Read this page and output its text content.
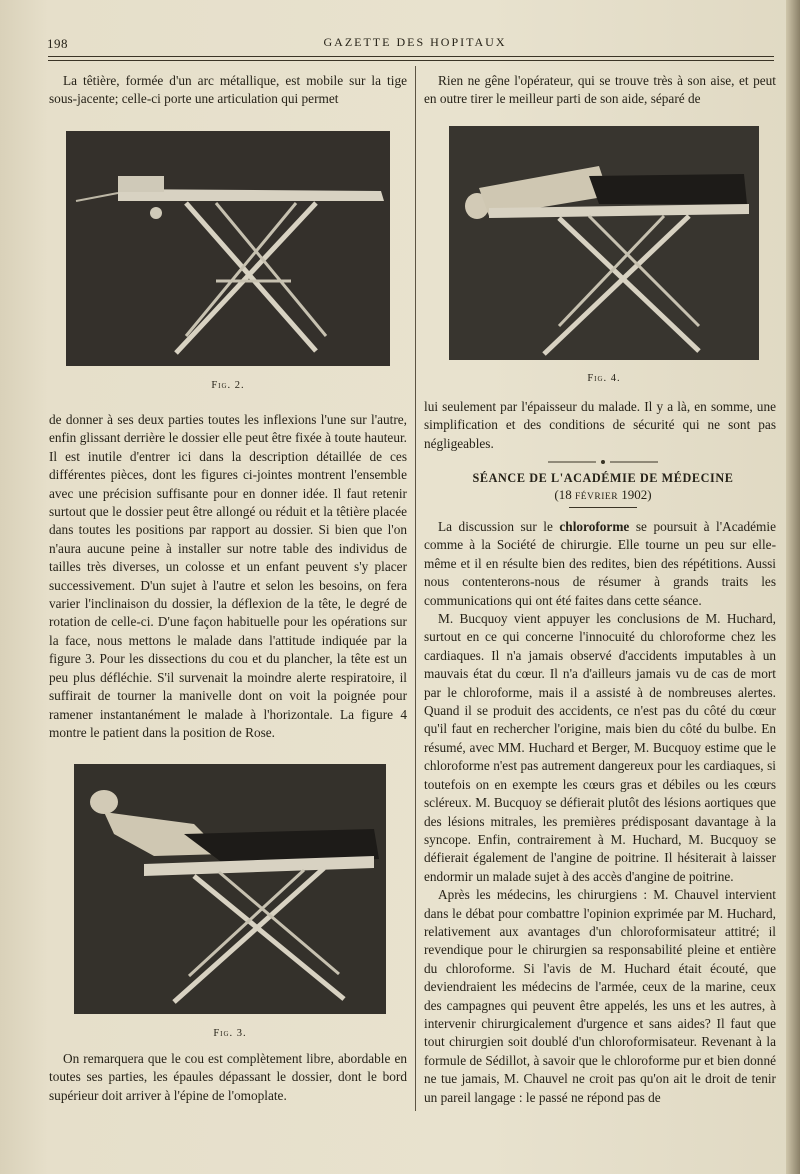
198	GAZETTE DES HOPITAUX

La têtière, formée d'un arc métallique, est mobile sur la tige sous-jacente; celle-ci porte une articulation qui permet

Fig. 2.

de donner à ses deux parties toutes les inflexions l'une sur l'autre, enfin glissant derrière le dossier elle peut être fixée à toute hauteur. Il est inutile d'entrer ici dans la description détaillée de ces différentes pièces, dont les figures ci-jointes montrent l'ensemble avec une précision suffisante pour en donner idée. Il faut retenir surtout que le dossier peut être allongé ou réduit et la têtière placée dans toutes les positions par rapport au dossier. Si bien que l'on n'aura aucune peine à installer sur notre table des individus de tailles très diverses, un colosse et un enfant peuvent s'y placer successivement. D'un sujet à l'autre et selon les besoins, on fera varier l'inclinaison du dossier, la déflexion de la tête, le degré de rotation de celle-ci. D'une façon habituelle pour les opérations sur la face, nous mettons le malade dans l'attitude indiquée par la figure 3. Pour les dissections du cou et du plancher, la tête est un peu plus défléchie. S'il survenait la moindre alerte respiratoire, il suffirait de tourner la manivelle dont on voit la poignée pour ramener instantanément le malade à l'horizontale. La figure 4 montre le patient dans la position de Rose.

Fig. 3.

On remarquera que le cou est complètement libre, abordable en toutes ses parties, les épaules dépassant le dossier, dont le bord supérieur doit arriver à l'épine de l'omoplate.

Rien ne gêne l'opérateur, qui se trouve très à son aise, et peut en outre tirer le meilleur parti de son aide, séparé de

Fig. 4.

lui seulement par l'épaisseur du malade. Il y a là, en somme, une simplification et des conditions de sécurité qui ne sont pas négligeables.

SÉANCE DE L'ACADÉMIE DE MÉDECINE
(18 FÉVRIER 1902)

La discussion sur le chloroforme se poursuit à l'Académie comme à la Société de chirurgie. Elle tourne un peu sur elle-même et il en résulte bien des redites, bien des répétitions. Aussi nous contenterons-nous de résumer à grands traits les communications qui ont été faites dans cette séance.

M. Bucquoy vient appuyer les conclusions de M. Huchard, surtout en ce qui concerne l'innocuité du chloroforme chez les cardiaques. Il n'a jamais observé d'accidents imputables à un mauvais état du cœur. Il n'a d'ailleurs jamais vu de cas de mort par le chloroforme, mais il a assisté à de nombreuses alertes. Quand il se produit des accidents, ce n'est pas du côté du cœur qu'il faut en rechercher l'origine, mais bien du côté du bulbe. En résumé, avec MM. Huchard et Berger, M. Bucquoy estime que le chloroforme n'est pas autrement dangereux pour les cardiaques, si toutefois on en exempte les cœurs gras et débiles ou les cœurs scléreux. M. Bucquoy se défierait plutôt des lésions aortiques que des lésions mitrales, les premières prédisposant davantage à la syncope. Enfin, contrairement à M. Huchard, M. Bucquoy se défierait également de l'angine de poitrine. Il hésiterait à laisser endormir un malade sujet à des accès d'angine de poitrine.

Après les médecins, les chirurgiens : M. Chauvel intervient dans le débat pour combattre l'opinion exprimée par M. Huchard, relativement aux avantages d'un chloroformisateur attitré; il revendique pour le chirurgien sa responsabilité pleine et entière du chloroforme. Si l'avis de M. Huchard était écouté, que deviendraient les médecins de l'armée, ceux de la marine, ceux des campagnes qui peuvent être appelés, les uns et les autres, à intervenir chirurgicalement d'urgence et sans aides? Il faut que tout chirurgien soit doublé d'un chloroformisateur. Revenant à la formule de Sédillot, à savoir que le chloroforme pur et bien donné ne tue jamais, M. Chauvel ne croit pas qu'on ait le droit de tenir un pareil langage : le passé ne répond pas de
